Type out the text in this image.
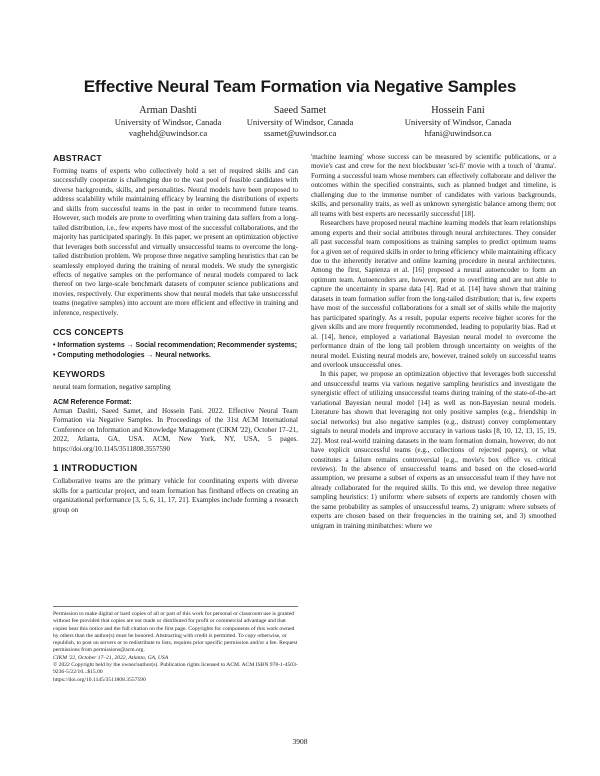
Effective Neural Team Formation via Negative Samples
Arman Dashti
University of Windsor, Canada
vaghehd@uwindsor.ca
Saeed Samet
University of Windsor, Canada
ssamet@uwindsor.ca
Hossein Fani
University of Windsor, Canada
hfani@uwindsor.ca
ABSTRACT

Forming teams of experts who collectively hold a set of required skills and can successfully cooperate is challenging due to the vast pool of feasible candidates with diverse backgrounds, skills, and personalities. Neural models have been proposed to address scalability while maintaining efficacy by learning the distributions of experts and skills from successful teams in the past in order to recommend future teams. However, such models are prone to overfitting when training data suffers from a long-tailed distribution, i.e., few experts have most of the successful collaborations, and the majority has participated sparingly. In this paper, we present an optimization objective that leverages both successful and virtually unsuccessful teams to overcome the long-tailed distribution problem. We propose three negative sampling heuristics that can be seamlessly employed during the training of neural models. We study the synergistic effects of negative samples on the performance of neural models compared to lack thereof on two large-scale benchmark datasets of computer science publications and movies, respectively. Our experiments show that neural models that take unsuccessful teams (negative samples) into account are more efficient and effective in training and inference, respectively.

CCS CONCEPTS

• Information systems → Social recommendation; Recommender systems; • Computing methodologies → Neural networks.

KEYWORDS

neural team formation, negative sampling

ACM Reference Format:

Arman Dashti, Saeed Samet, and Hossein Fani. 2022. Effective Neural Team Formation via Negative Samples. In Proceedings of the 31st ACM International Conference on Information and Knowledge Management (CIKM '22), October 17–21, 2022, Atlanta, GA, USA. ACM, New York, NY, USA, 5 pages. https://doi.org/10.1145/3511808.3557590

1 INTRODUCTION

Collaborative teams are the primary vehicle for coordinating experts with diverse skills for a particular project, and team formation has firsthand effects on creating an organizational performance [3, 5, 6, 11, 17, 21]. Examples include forming a research group on

Permission to make digital or hard copies of all or part of this work for personal or classroom use is granted without fee provided that copies are not made or distributed for profit or commercial advantage and that copies bear this notice and the full citation on the first page. Copyrights for components of this work owned by others than the author(s) must be honored. Abstracting with credit is permitted. To copy otherwise, or republish, to post on servers or to redistribute to lists, requires prior specific permission and/or a fee. Request permissions from permissions@acm.org.

CIKM '22, October 17–21, 2022, Atlanta, GA, USA

© 2022 Copyright held by the owner/author(s). Publication rights licensed to ACM. ACM ISBN 978-1-4503-9236-5/22/10...$15.00

https://doi.org/10.1145/3511808.3557590

'machine learning' whose success can be measured by scientific publications, or a movie's cast and crew for the next blockbuster 'sci-fi' movie with a touch of 'drama'. Forming a successful team whose members can effectively collaborate and deliver the outcomes within the specified constraints, such as planned budget and timeline, is challenging due to the immense number of candidates with various backgrounds, skills, and personality traits, as well as unknown synergistic balance among them; not all teams with best experts are necessarily successful [18].

Researchers have proposed neural machine learning models that learn relationships among experts and their social attributes through neural architectures. They consider all past successful team compositions as training samples to predict optimum teams for a given set of required skills in order to bring efficiency while maintaining efficacy due to the inherently iterative and online learning procedure in neural architectures. Among the first, Sapienza et al. [16] proposed a neural autoencoder to form an optimum team. Autoencoders are, however, prone to overfitting and are not able to capture the uncertainty in sparse data [4]. Rad et al. [14] have shown that training datasets in team formation suffer from the long-tailed distribution; that is, few experts have most of the successful collaborations for a small set of skills while the majority has participated sparingly. As a result, popular experts receive higher scores for the given skills and are more frequently recommended, leading to popularity bias. Rad et al. [14], hence, employed a variational Bayesian neural model to overcome the performance drain of the long tail problem through uncertainty on weights of the neural model. Existing neural models are, however, trained solely on successful teams and overlook unsuccessful ones.

In this paper, we propose an optimization objective that leverages both successful and unsuccessful teams via various negative sampling heuristics and investigate the synergistic effect of utilizing unsuccessful teams during training of the state-of-the-art variational Bayesian neural model [14] as well as non-Bayesian neural models. Literature has shown that leveraging not only positive samples (e.g., friendship in social networks) but also negative samples (e.g., distrust) convey complementary signals to neural models and improve accuracy in various tasks [8, 10, 12, 13, 15, 19, 22]. Most real-world training datasets in the team formation domain, however, do not have explicit unsuccessful teams (e.g., collections of rejected papers), or what constitutes a failure remains controversial (e.g., movie's box office vs. critical reviews). In the absence of unsuccessful teams and based on the closed-world assumption, we presume a subset of experts as an unsuccessful team if they have not already collaborated for the required skills. To this end, we develop three negative sampling heuristics: 1) uniform: where subsets of experts are randomly chosen with the same probability as samples of unsuccessful teams, 2) unigram: where subsets of experts are chosen based on their frequencies in the training set, and 3) smoothed unigram in training minibatches: where we

3908
